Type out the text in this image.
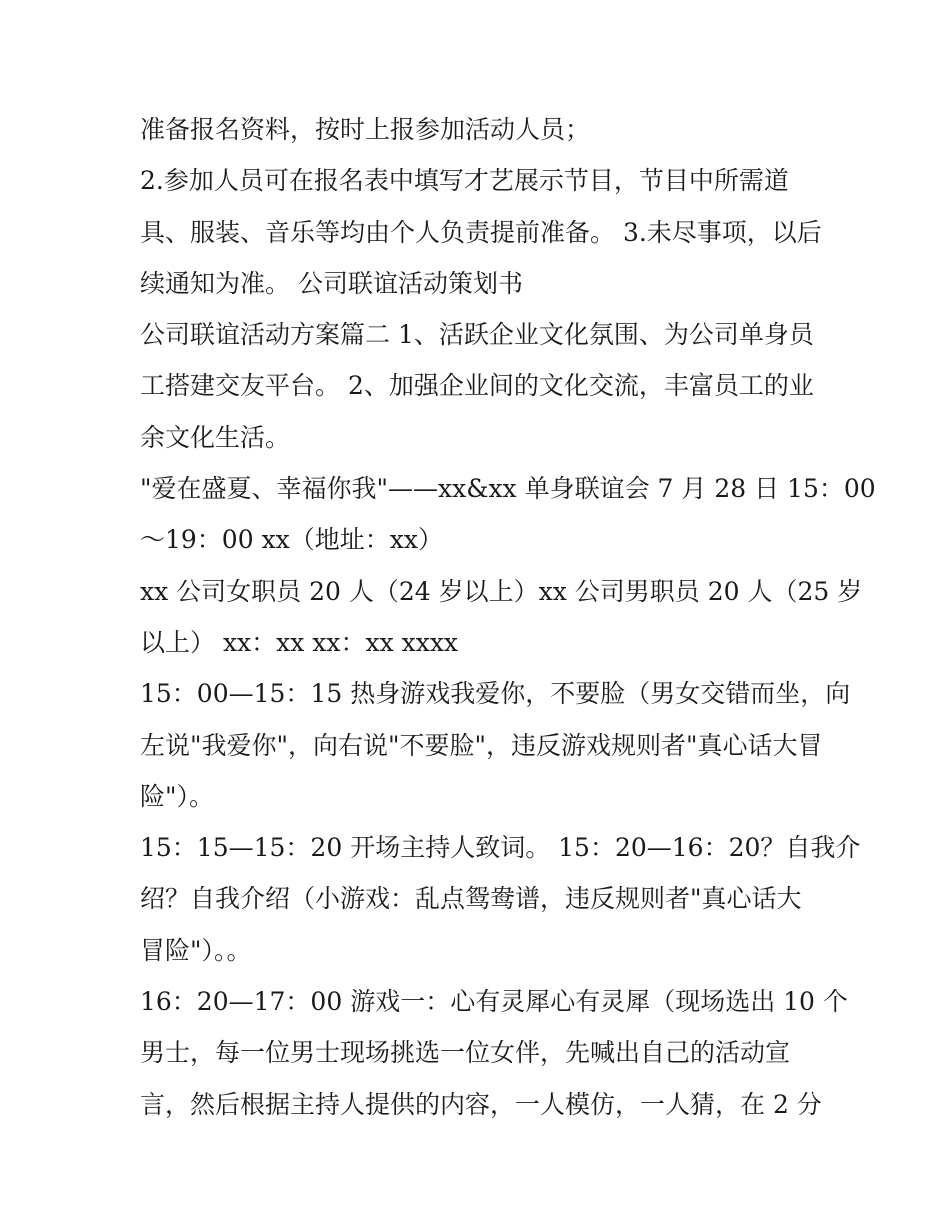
准备报名资料，按时上报参加活动人员；
2.参加人员可在报名表中填写才艺展示节目，节目中所需道
具、服装、音乐等均由个人负责提前准备。 3.未尽事项，以后
续通知为准。 公司联谊活动策划书
公司联谊活动方案篇二 1、活跃企业文化氛围、为公司单身员
工搭建交友平台。 2、加强企业间的文化交流，丰富员工的业
余文化生活。
"爱在盛夏、幸福你我"——xx&xx 单身联谊会 7 月 28 日 15：00
～19：00 xx（地址：xx）
xx 公司女职员 20 人（24 岁以上）xx 公司男职员 20 人（25 岁
以上） xx：xx xx：xx xxxx
15：00—15：15 热身游戏我爱你，不要脸（男女交错而坐，向
左说"我爱你"，向右说"不要脸"，违反游戏规则者"真心话大冒
险"）。
15：15—15：20 开场主持人致词。 15：20—16：20？自我介
绍？自我介绍（小游戏：乱点鸳鸯谱，违反规则者"真心话大
冒险"）。。
16：20—17：00 游戏一：心有灵犀心有灵犀（现场选出 10 个
男士，每一位男士现场挑选一位女伴，先喊出自己的活动宣
言，然后根据主持人提供的内容，一人模仿，一人猜，在 2 分
